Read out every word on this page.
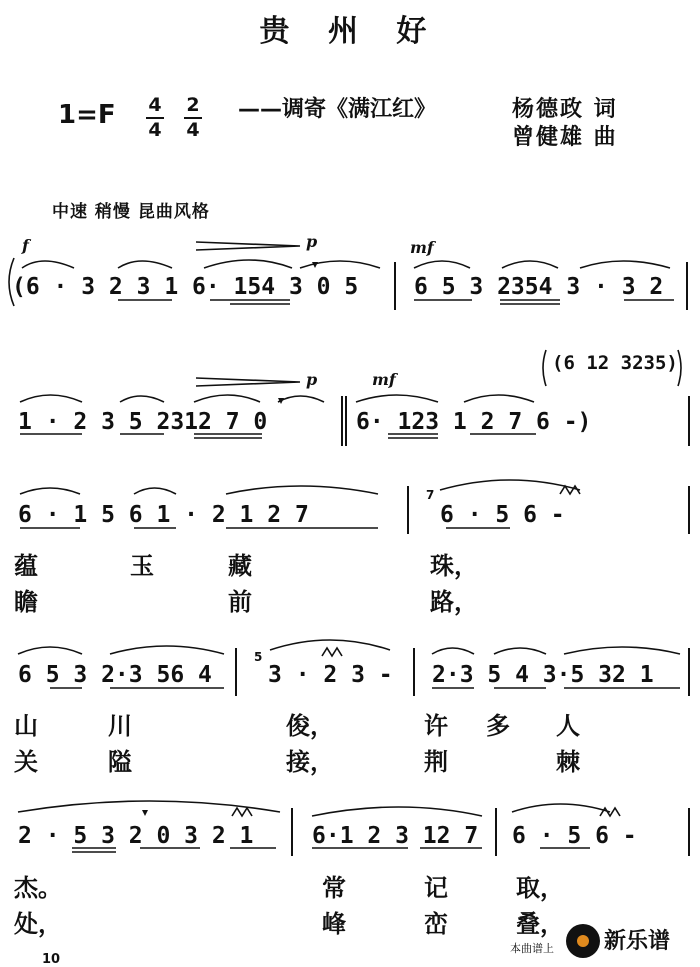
贵 州 好
1=F 4
4
2
4
——调寄《满江红》	杨德政 词
曾健雄 曲
中速 稍慢 昆曲风格
f	p	mf
(6 · 3 2 3 1 6· 154 3 0 5 6 5 3 2354 3 · 3 2
(6 12 3235)
p	mf
1 · 2 3 5 2312 7 0	6· 123 1 2 7 6 -)
6 · 1 5 6 1 · 2 1 2 7
7
6 · 5 6 -
蕴	玉	藏	珠，
瞻	前	路，
6 5 3 2·3 56 4
5
3 · 2 3 - 2·3 5 4 3·5 32 1
山	川	俊，	许 多 人
关	隘	接，	荆	棘
2 · 5 3 2 0 3 2 1	6·1 2 3 12 7 6 · 5 6 -
杰。	常	记	取，
处，	峰	峦	叠，
本曲谱上 新乐谱
10
